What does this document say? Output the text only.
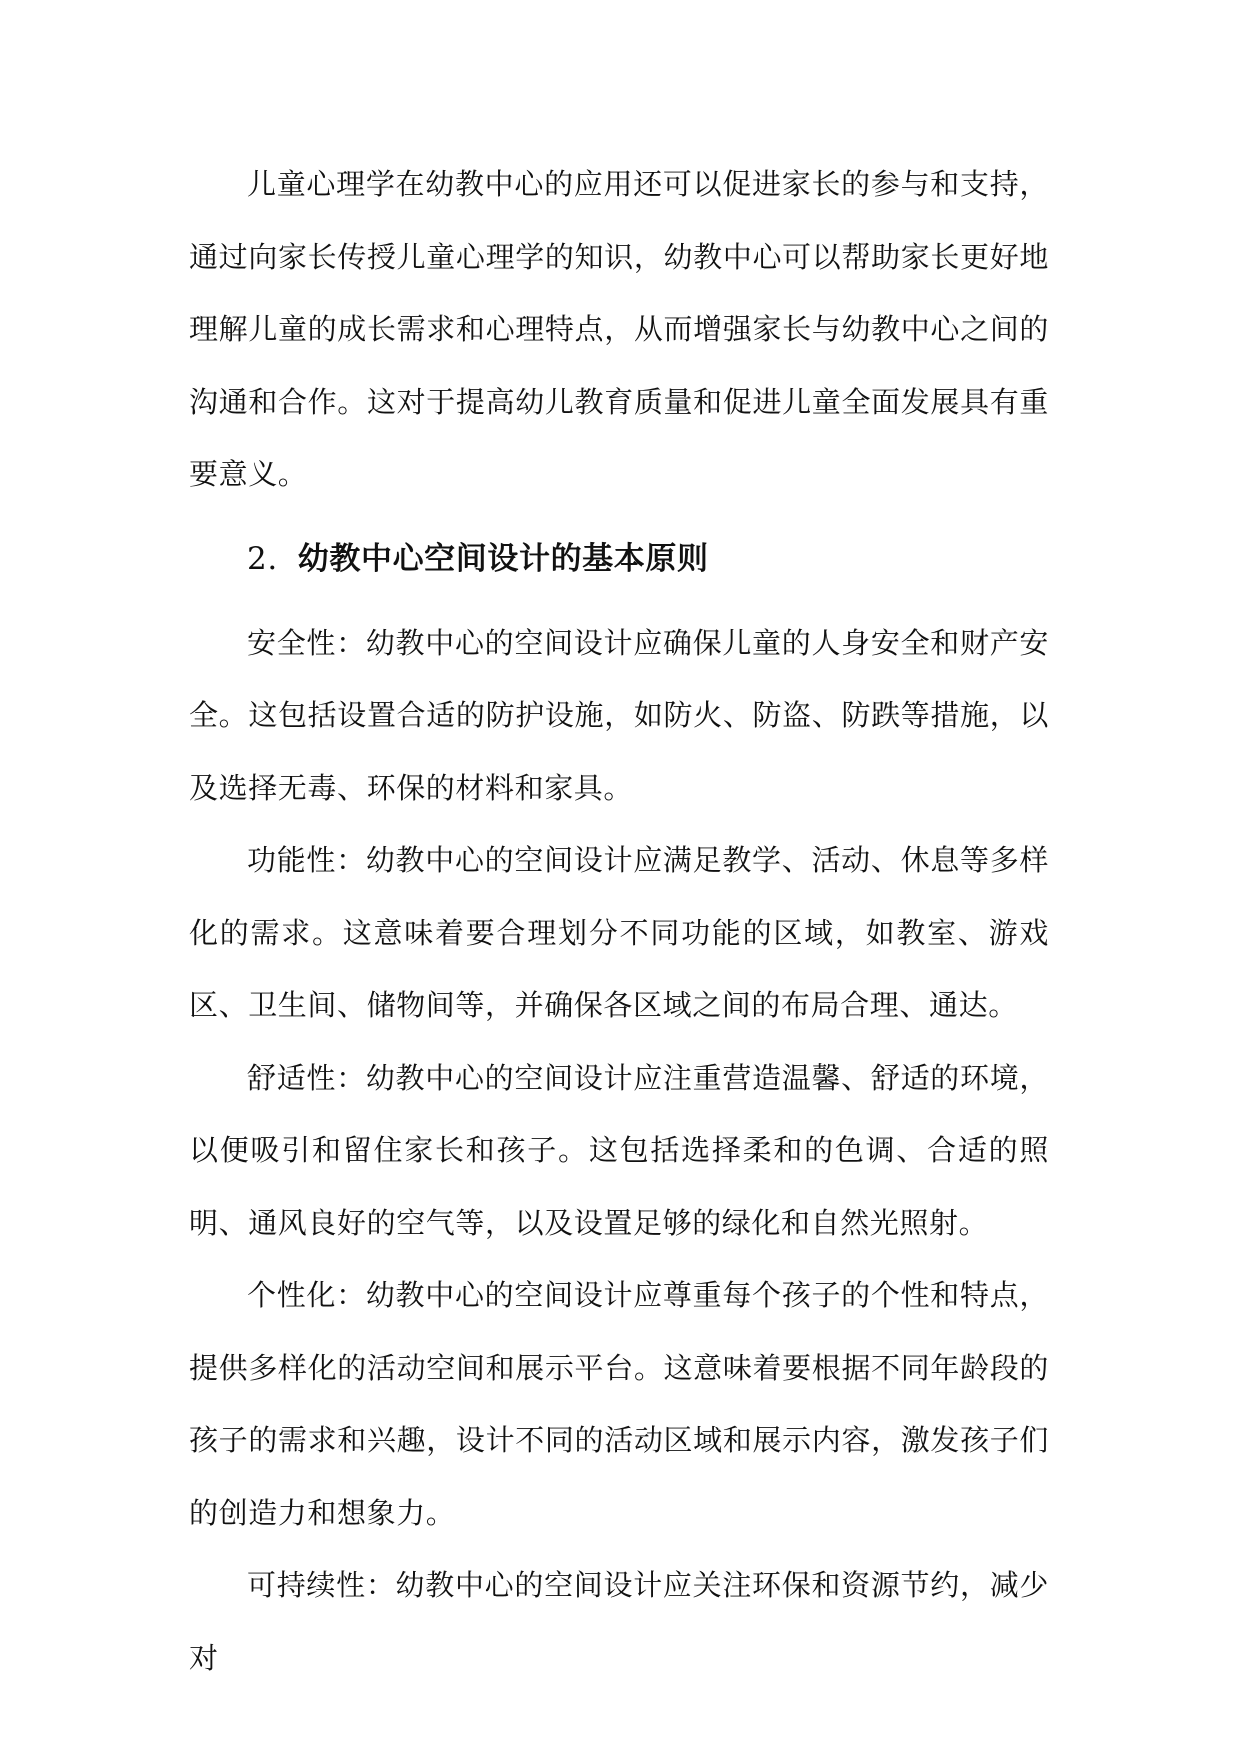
儿童心理学在幼教中心的应用还可以促进家长的参与和支持，通过向家长传授儿童心理学的知识，幼教中心可以帮助家长更好地理解儿童的成长需求和心理特点，从而增强家长与幼教中心之间的沟通和合作。这对于提高幼儿教育质量和促进儿童全面发展具有重要意义。

2. 幼教中心空间设计的基本原则

安全性：幼教中心的空间设计应确保儿童的人身安全和财产安全。这包括设置合适的防护设施，如防火、防盗、防跌等措施，以及选择无毒、环保的材料和家具。

功能性：幼教中心的空间设计应满足教学、活动、休息等多样化的需求。这意味着要合理划分不同功能的区域，如教室、游戏区、卫生间、储物间等，并确保各区域之间的布局合理、通达。

舒适性：幼教中心的空间设计应注重营造温馨、舒适的环境，以便吸引和留住家长和孩子。这包括选择柔和的色调、合适的照明、通风良好的空气等，以及设置足够的绿化和自然光照射。

个性化：幼教中心的空间设计应尊重每个孩子的个性和特点，提供多样化的活动空间和展示平台。这意味着要根据不同年龄段的孩子的需求和兴趣，设计不同的活动区域和展示内容，激发孩子们的创造力和想象力。

可持续性：幼教中心的空间设计应关注环保和资源节约，减少对
